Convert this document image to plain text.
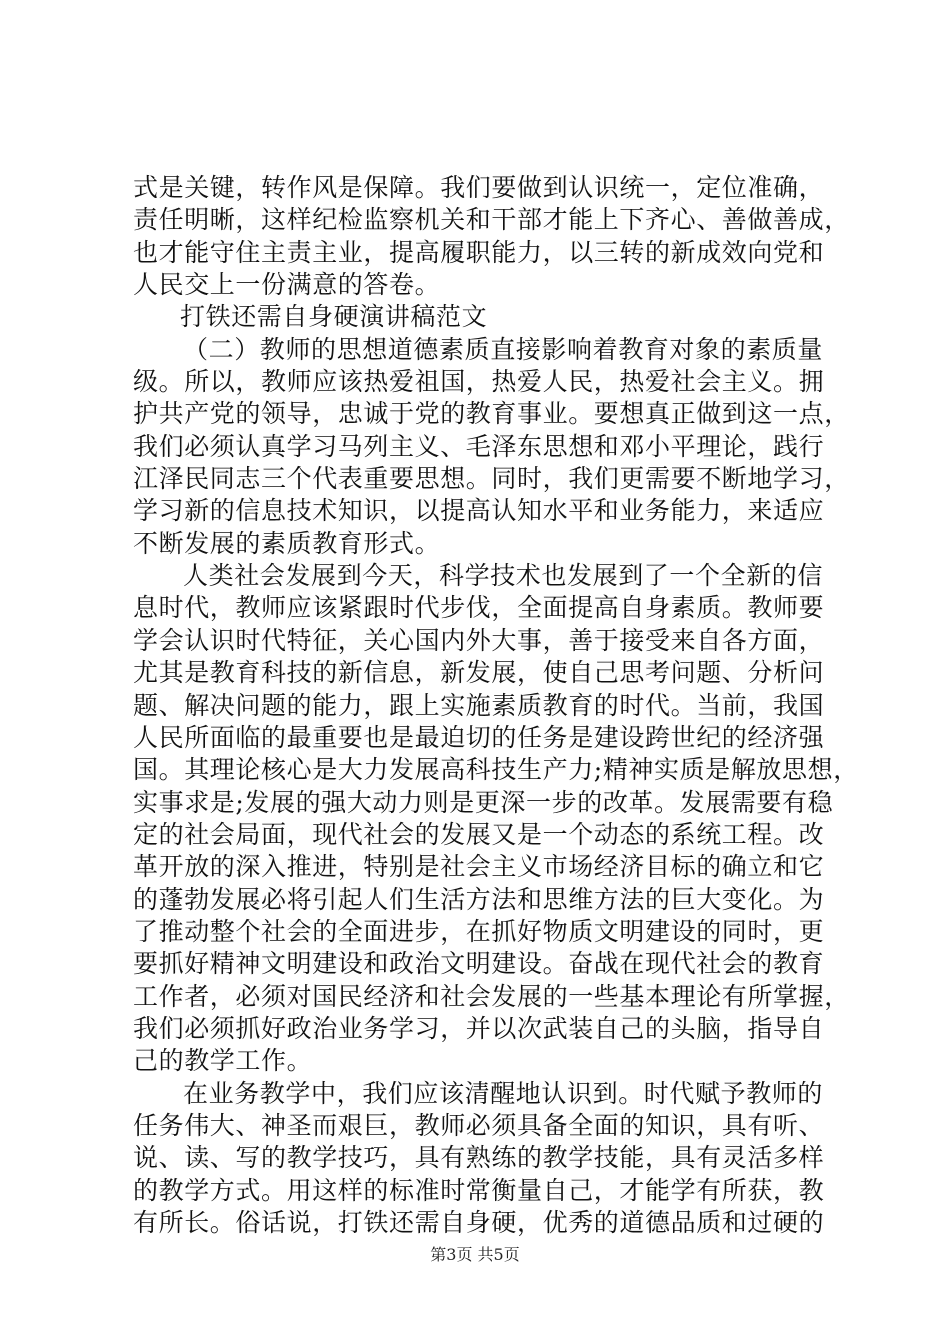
式是关键，转作风是保障。我们要做到认识统一，定位准确，
责任明晰，这样纪检监察机关和干部才能上下齐心、善做善成，
也才能守住主责主业，提高履职能力，以三转的新成效向党和
人民交上一份满意的答卷。
打铁还需自身硬演讲稿范文
（二）教师的思想道德素质直接影响着教育对象的素质量
级。所以，教师应该热爱祖国，热爱人民，热爱社会主义。拥
护共产党的领导，忠诚于党的教育事业。要想真正做到这一点，
我们必须认真学习马列主义、毛泽东思想和邓小平理论，践行
江泽民同志三个代表重要思想。同时，我们更需要不断地学习，
学习新的信息技术知识，以提高认知水平和业务能力，来适应
不断发展的素质教育形式。
人类社会发展到今天，科学技术也发展到了一个全新的信
息时代，教师应该紧跟时代步伐，全面提高自身素质。教师要
学会认识时代特征，关心国内外大事，善于接受来自各方面，
尤其是教育科技的新信息，新发展，使自己思考问题、分析问
题、解决问题的能力，跟上实施素质教育的时代。当前，我国
人民所面临的最重要也是最迫切的任务是建设跨世纪的经济强
国。其理论核心是大力发展高科技生产力;精神实质是解放思想，
实事求是;发展的强大动力则是更深一步的改革。发展需要有稳
定的社会局面，现代社会的发展又是一个动态的系统工程。改
革开放的深入推进，特别是社会主义市场经济目标的确立和它
的蓬勃发展必将引起人们生活方法和思维方法的巨大变化。为
了推动整个社会的全面进步，在抓好物质文明建设的同时，更
要抓好精神文明建设和政治文明建设。奋战在现代社会的教育
工作者，必须对国民经济和社会发展的一些基本理论有所掌握，
我们必须抓好政治业务学习，并以次武装自己的头脑，指导自
己的教学工作。
在业务教学中，我们应该清醒地认识到。时代赋予教师的
任务伟大、神圣而艰巨，教师必须具备全面的知识，具有听、
说、读、写的教学技巧，具有熟练的教学技能，具有灵活多样
的教学方式。用这样的标准时常衡量自己，才能学有所获，教
有所长。俗话说，打铁还需自身硬，优秀的道德品质和过硬的
第3页 共5页
